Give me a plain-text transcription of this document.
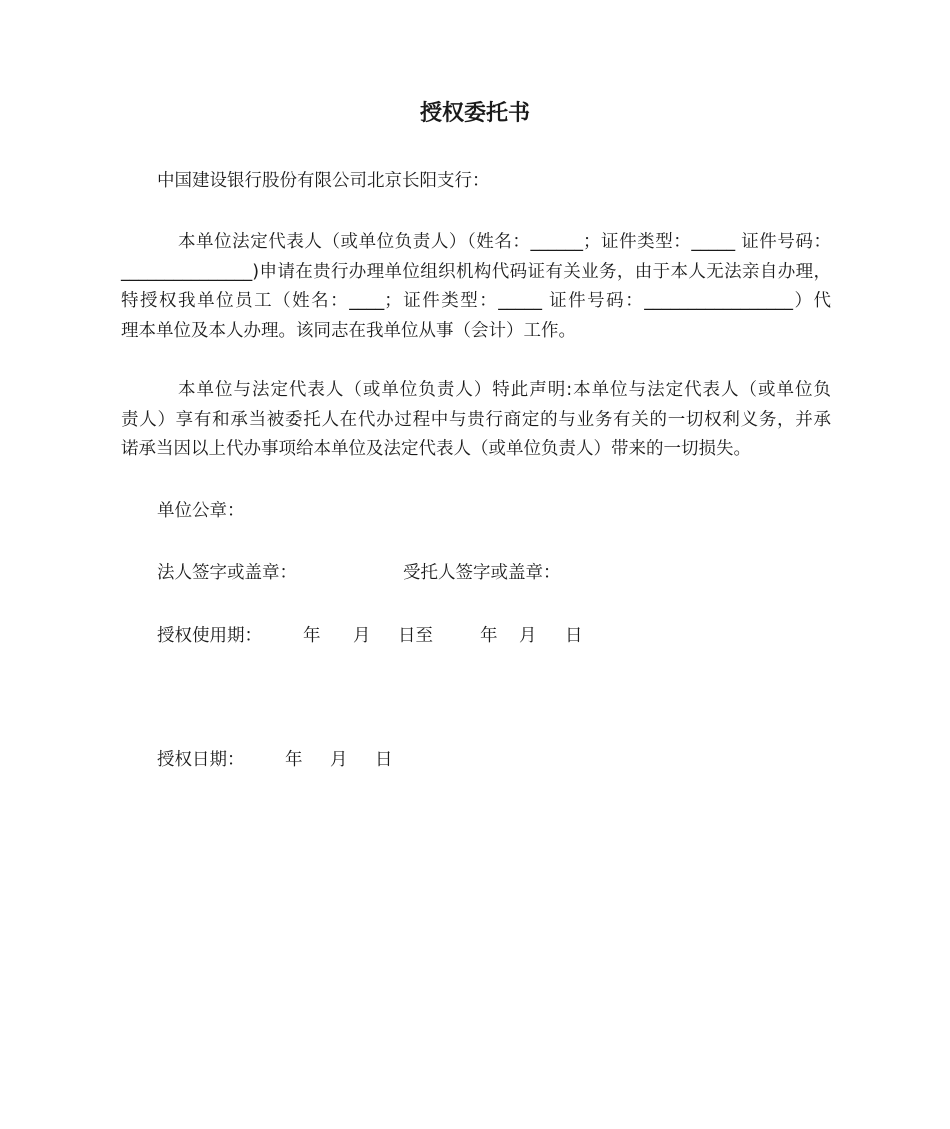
授权委托书
中国建设银行股份有限公司北京长阳支行：
本单位法定代表人（或单位负责人）（姓名：______；证件类型：_____ 证件号码：
_______________)申请在贵行办理单位组织机构代码证有关业务，由于本人无法亲自办理，
特授权我单位员工（姓名：____；证件类型：_____ 证件号码：_________________）代
理本单位及本人办理。该同志在我单位从事（会计）工作。
本单位与法定代表人（或单位负责人）特此声明:本单位与法定代表人（或单位负
责人）享有和承当被委托人在代办过程中与贵行商定的与业务有关的一切权利义务，并承
诺承当因以上代办事项给本单位及法定代表人（或单位负责人）带来的一切损失。
单位公章：
法人签字或盖章：	受托人签字或盖章：
授权使用期： 年 月 日至	年 月 日
授权日期： 年 月 日
